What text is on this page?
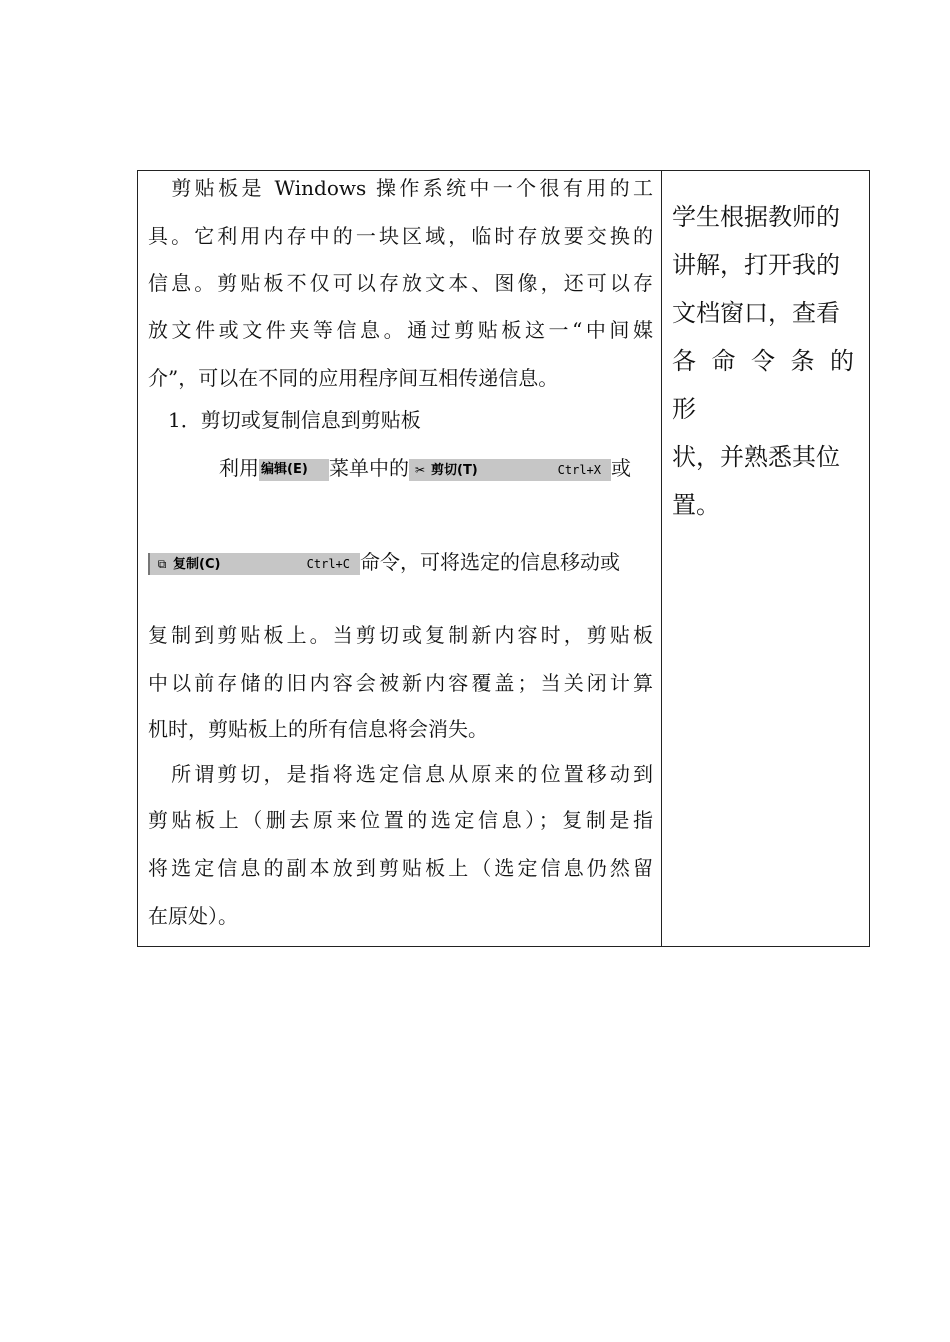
　剪贴板是 Windows 操作系统中一个很有用的工
具。它利用内存中的一块区域，临时存放要交换的
信息。剪贴板不仅可以存放文本、图像，还可以存
放文件或文件夹等信息。通过剪贴板这一“中间媒
介”，可以在不同的应用程序间互相传递信息。
　1．剪切或复制信息到剪贴板
利用 编辑(E) 菜单中的 ✂ 剪切(T)	Ctrl+X 或
⧉ 复制(C)	Ctrl+C 命令，可将选定的信息移动或
复制到剪贴板上。当剪切或复制新内容时，剪贴板
中以前存储的旧内容会被新内容覆盖；当关闭计算
机时，剪贴板上的所有信息将会消失。
　所谓剪切，是指将选定信息从原来的位置移动到
剪贴板上（删去原来位置的选定信息）；复制是指
将选定信息的副本放到剪贴板上（选定信息仍然留
在原处）。
学生根据教师的
讲解，打开我的
文档窗口，查看
各命令条的形
状，并熟悉其位
置。
